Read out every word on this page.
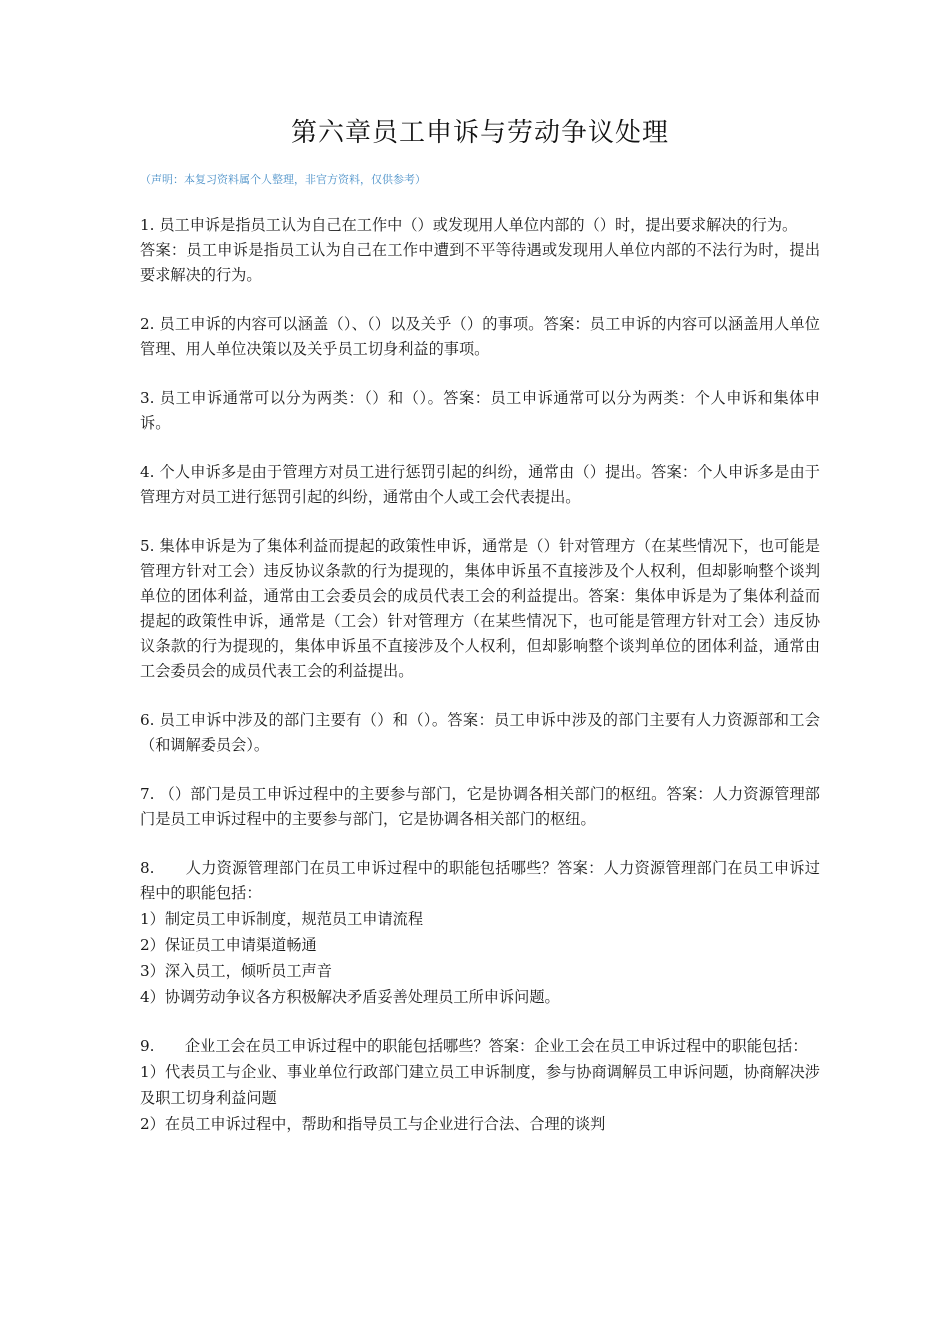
第六章员工申诉与劳动争议处理
（声明：本复习资料属个人整理，非官方资料，仅供参考）

1. 员工申诉是指员工认为自己在工作中（）或发现用人单位内部的（）时，提出要求解决的行为。

答案：员工申诉是指员工认为自己在工作中遭到不平等待遇或发现用人单位内部的不法行为时，提出要求解决的行为。

2. 员工申诉的内容可以涵盖（）、（）以及关乎（）的事项。答案：员工申诉的内容可以涵盖用人单位管理、用人单位决策以及关乎员工切身利益的事项。

3. 员工申诉通常可以分为两类：（）和（）。答案：员工申诉通常可以分为两类：个人申诉和集体申诉。

4. 个人申诉多是由于管理方对员工进行惩罚引起的纠纷，通常由（）提出。答案：个人申诉多是由于管理方对员工进行惩罚引起的纠纷，通常由个人或工会代表提出。

5. 集体申诉是为了集体利益而提起的政策性申诉，通常是（）针对管理方（在某些情况下，也可能是管理方针对工会）违反协议条款的行为提现的，集体申诉虽不直接涉及个人权利，但却影响整个谈判单位的团体利益，通常由工会委员会的成员代表工会的利益提出。答案：集体申诉是为了集体利益而提起的政策性申诉，通常是（工会）针对管理方（在某些情况下，也可能是管理方针对工会）违反协议条款的行为提现的，集体申诉虽不直接涉及个人权利，但却影响整个谈判单位的团体利益，通常由工会委员会的成员代表工会的利益提出。

6. 员工申诉中涉及的部门主要有（）和（）。答案：员工申诉中涉及的部门主要有人力资源部和工会（和调解委员会）。

7. （）部门是员工申诉过程中的主要参与部门，它是协调各相关部门的枢纽。答案：人力资源管理部门是员工申诉过程中的主要参与部门，它是协调各相关部门的枢纽。

8.　　人力资源管理部门在员工申诉过程中的职能包括哪些？答案：人力资源管理部门在员工申诉过程中的职能包括：

1）制定员工申诉制度，规范员工申请流程

2）保证员工申请渠道畅通

3）深入员工，倾听员工声音

4）协调劳动争议各方积极解决矛盾妥善处理员工所申诉问题。

9.　　企业工会在员工申诉过程中的职能包括哪些？答案：企业工会在员工申诉过程中的职能包括：

1）代表员工与企业、事业单位行政部门建立员工申诉制度，参与协商调解员工申诉问题，协商解决涉及职工切身利益问题

2）在员工申诉过程中，帮助和指导员工与企业进行合法、合理的谈判
